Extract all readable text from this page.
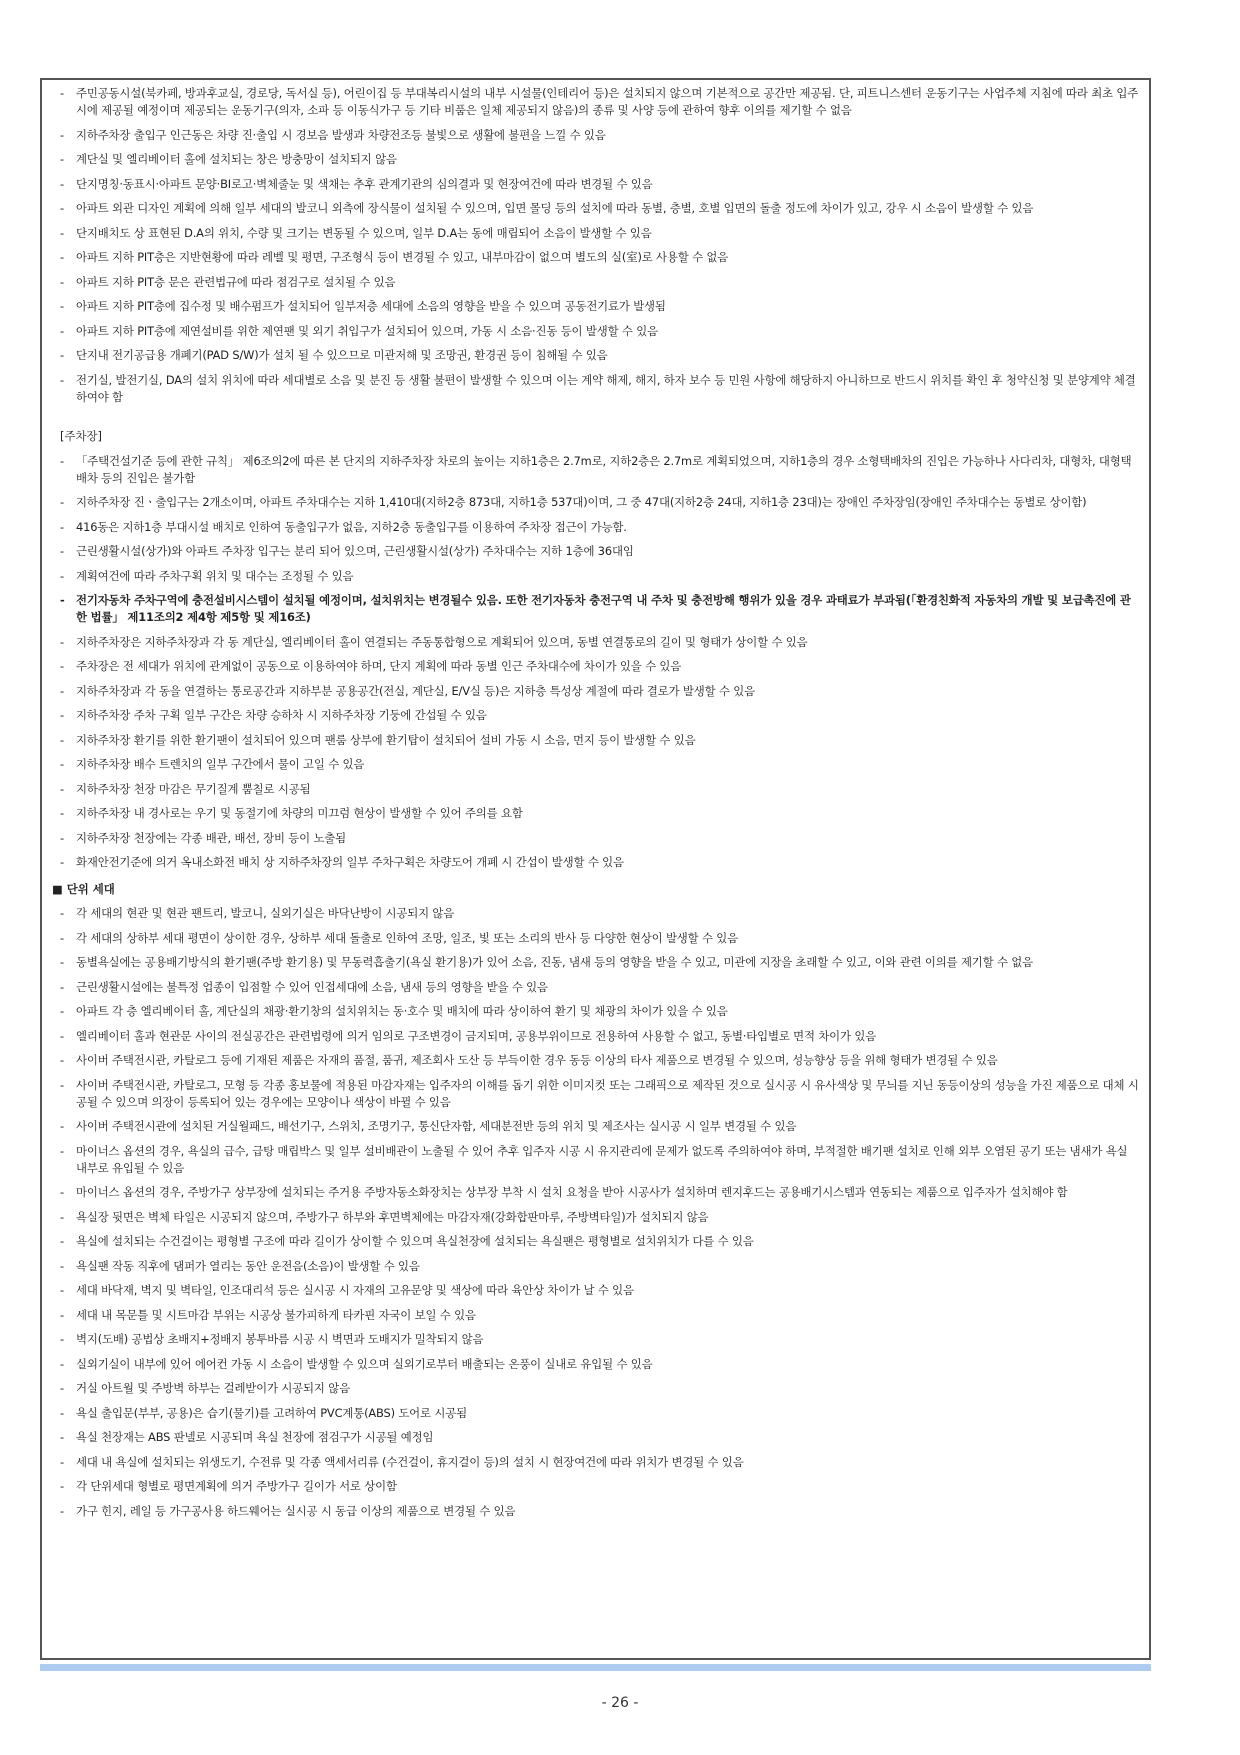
- 주민공동시설(북카페, 방과후교실, 경로당, 독서실 등), 어린이집 등 부대복리시설의 내부 시설물(인테리어 등)은 설치되지 않으며 기본적으로 공간만 제공됨. 단, 피트니스센터 운동기구는 사업주체 지침에 따라 최초 입주 시에 제공될 예정이며 제공되는 운동기구(의자, 소파 등 이동식가구 등 기타 비품은 일체 제공되지 않음)의 종류 및 사양 등에 관하여 향후 이의를 제기할 수 없음
- 지하주차장 출입구 인근동은 차량 진·출입 시 경보음 발생과 차량전조등 불빛으로 생활에 불편을 느낄 수 있음
- 계단실 및 엘리베이터 홀에 설치되는 창은 방충망이 설치되지 않음
- 단지명칭·동표시·아파트 문양·BI로고·벽체줄눈 및 색채는 추후 관계기관의 심의결과 및 현장여건에 따라 변경될 수 있음
- 아파트 외관 디자인 계획에 의해 일부 세대의 발코니 외측에 장식물이 설치될 수 있으며, 입면 몰딩 등의 설치에 따라 동별, 층별, 호별 입면의 돌출 정도에 차이가 있고, 강우 시 소음이 발생할 수 있음
- 단지배치도 상 표현된 D.A의 위치, 수량 및 크기는 변동될 수 있으며, 일부 D.A는 동에 매립되어 소음이 발생할 수 있음
- 아파트 지하 PIT층은 지반현황에 따라 레벨 및 평면, 구조형식 등이 변경될 수 있고, 내부마감이 없으며 별도의 실(室)로 사용할 수 없음
- 아파트 지하 PIT층 문은 관련법규에 따라 점검구로 설치될 수 있음
- 아파트 지하 PIT층에 집수정 및 배수펌프가 설치되어 일부저층 세대에 소음의 영향을 받을 수 있으며 공동전기료가 발생됨
- 아파트 지하 PIT층에 제연설비를 위한 제연팬 및 외기 취입구가 설치되어 있으며, 가동 시 소음·진동 등이 발생할 수 있음
- 단지내 전기공급용 개폐기(PAD S/W)가 설치 될 수 있으므로 미관저해 및 조망권, 환경권 등이 침해될 수 있음
- 전기실, 발전기실, DA의 설치 위치에 따라 세대별로 소음 및 분진 등 생활 불편이 발생할 수 있으며 이는 계약 해제, 해지, 하자 보수 등 민원 사항에 해당하지 아니하므로 반드시 위치를 확인 후 청약신청 및 분양계약 체결하여야 함
[주차장]
- 「주택건설기준 등에 관한 규칙」 제6조의2에 따른 본 단지의 지하주차장 차로의 높이는 지하1층은 2.7m로, 지하2층은 2.7m로 계획되었으며, 지하1층의 경우 소형택배차의 진입은 가능하나 사다리차, 대형차, 대형택배차 등의 진입은 불가함
- 지하주차장 진ㆍ출입구는 2개소이며, 아파트 주차대수는 지하 1,410대(지하2층 873대, 지하1층 537대)이며, 그 중 47대(지하2층 24대, 지하1층 23대)는 장애인 주차장임(장애인 주차대수는 동별로 상이함)
- 416동은 지하1층 부대시설 배치로 인하여 동출입구가 없음, 지하2층 동출입구를 이용하여 주차장 접근이 가능함.
- 근린생활시설(상가)와 아파트 주차장 입구는 분리 되어 있으며, 근린생활시설(상가) 주차대수는 지하 1층에 36대임
- 계획여건에 따라 주차구획 위치 및 대수는 조정될 수 있음
- 전기자동차 주차구역에 충전설비시스템이 설치될 예정이며, 설치위치는 변경될수 있음. 또한 전기자동차 충전구역 내 주차 및 충전방해 행위가 있을 경우 과태료가 부과됨(「환경친화적 자동차의 개발 및 보급촉진에 관한 법률」 제11조의2 제4항 제5항 및 제16조)
- 지하주차장은 지하주차장과 각 동 계단실, 엘리베이터 홀이 연결되는 주동통합형으로 계획되어 있으며, 동별 연결통로의 길이 및 형태가 상이할 수 있음
- 주차장은 전 세대가 위치에 관계없이 공동으로 이용하여야 하며, 단지 계획에 따라 동별 인근 주차대수에 차이가 있을 수 있음
- 지하주차장과 각 동을 연결하는 통로공간과 지하부분 공용공간(전실, 계단실, E/V실 등)은 지하층 특성상 계절에 따라 결로가 발생할 수 있음
- 지하주차장 주차 구획 일부 구간은 차량 승하차 시 지하주차장 기둥에 간섭될 수 있음
- 지하주차장 환기를 위한 환기팬이 설치되어 있으며 팬룸 상부에 환기탑이 설치되어 설비 가동 시 소음, 먼지 등이 발생할 수 있음
- 지하주차장 배수 트렌치의 일부 구간에서 물이 고일 수 있음
- 지하주차장 천장 마감은 무기질계 뿜칠로 시공됨
- 지하주차장 내 경사로는 우기 및 동절기에 차량의 미끄럼 현상이 발생할 수 있어 주의를 요함
- 지하주차장 천장에는 각종 배관, 배선, 장비 등이 노출됨
- 화재안전기준에 의거 옥내소화전 배치 상 지하주차장의 일부 주차구획은 차량도어 개폐 시 간섭이 발생할 수 있음
■ 단위 세대
- 각 세대의 현관 및 현관 팬트리, 발코니, 실외기실은 바닥난방이 시공되지 않음
- 각 세대의 상하부 세대 평면이 상이한 경우, 상하부 세대 돌출로 인하여 조망, 일조, 빛 또는 소리의 반사 등 다양한 현상이 발생할 수 있음
- 동별욕실에는 공용배기방식의 환기팬(주방 환기용) 및 무동력흡출기(욕실 환기용)가 있어 소음, 진동, 냄새 등의 영향을 받을 수 있고, 미관에 지장을 초래할 수 있고, 이와 관련 이의를 제기할 수 없음
- 근린생활시설에는 불특정 업종이 입점할 수 있어 인접세대에 소음, 냄새 등의 영향을 받을 수 있음
- 아파트 각 층 엘리베이터 홀, 계단실의 채광·환기창의 설치위치는 동·호수 및 배치에 따라 상이하여 환기 및 채광의 차이가 있을 수 있음
- 엘리베이터 홀과 현관문 사이의 전실공간은 관련법령에 의거 임의로 구조변경이 금지되며, 공용부위이므로 전용하여 사용할 수 없고, 동별·타입별로 면적 차이가 있음
- 사이버 주택전시관, 카탈로그 등에 기재된 제품은 자재의 품절, 품귀, 제조회사 도산 등 부득이한 경우 동등 이상의 타사 제품으로 변경될 수 있으며, 성능향상 등을 위해 형태가 변경될 수 있음
- 사이버 주택전시관, 카탈로그, 모형 등 각종 홍보물에 적용된 마감자재는 입주자의 이해를 돕기 위한 이미지컷 또는 그래픽으로 제작된 것으로 실시공 시 유사색상 및 무늬를 지닌 동등이상의 성능을 가진 제품으로 대체 시공될 수 있으며 의장이 등록되어 있는 경우에는 모양이나 색상이 바뀔 수 있음
- 사이버 주택전시관에 설치된 거실월패드, 배선기구, 스위치, 조명기구, 통신단자함, 세대분전반 등의 위치 및 제조사는 실시공 시 일부 변경될 수 있음
- 마이너스 옵션의 경우, 욕실의 급수, 급탕 매립박스 및 일부 설비배관이 노출될 수 있어 추후 입주자 시공 시 유지관리에 문제가 없도록 주의하여야 하며, 부적절한 배기팬 설치로 인해 외부 오염된 공기 또는 냄새가 욕실 내부로 유입될 수 있음
- 마이너스 옵션의 경우, 주방가구 상부장에 설치되는 주거용 주방자동소화장치는 상부장 부착 시 설치 요청을 받아 시공사가 설치하며 렌지후드는 공용배기시스템과 연동되는 제품으로 입주자가 설치해야 함
- 욕실장 뒷면은 벽체 타일은 시공되지 않으며, 주방가구 하부와 후면벽체에는 마감자재(강화합판마루, 주방벽타일)가 설치되지 않음
- 욕실에 설치되는 수건걸이는 평형별 구조에 따라 길이가 상이할 수 있으며 욕실천장에 설치되는 욕실팬은 평형별로 설치위치가 다를 수 있음
- 욕실팬 작동 직후에 댐퍼가 열리는 동안 운전음(소음)이 발생할 수 있음
- 세대 바닥재, 벽지 및 벽타일, 인조대리석 등은 실시공 시 자재의 고유문양 및 색상에 따라 육안상 차이가 날 수 있음
- 세대 내 목문틀 및 시트마감 부위는 시공상 불가피하게 타카핀 자국이 보일 수 있음
- 벽지(도배) 공법상 초배지+정배지 봉투바름 시공 시 벽면과 도배지가 밀착되지 않음
- 실외기실이 내부에 있어 에어컨 가동 시 소음이 발생할 수 있으며 실외기로부터 배출되는 온풍이 실내로 유입될 수 있음
- 거실 아트월 및 주방벽 하부는 걸레받이가 시공되지 않음
- 욕실 출입문(부부, 공용)은 습기(물기)를 고려하여 PVC계통(ABS) 도어로 시공됨
- 욕실 천장재는 ABS 판넬로 시공되며 욕실 천장에 점검구가 시공될 예정임
- 세대 내 욕실에 설치되는 위생도기, 수전류 및 각종 액세서리류 (수건걸이, 휴지걸이 등)의 설치 시 현장여건에 따라 위치가 변경될 수 있음
- 각 단위세대 형별로 평면계획에 의거 주방가구 길이가 서로 상이함
- 가구 힌지, 레일 등 가구공사용 하드웨어는 실시공 시 동급 이상의 제품으로 변경될 수 있음
- 26 -
